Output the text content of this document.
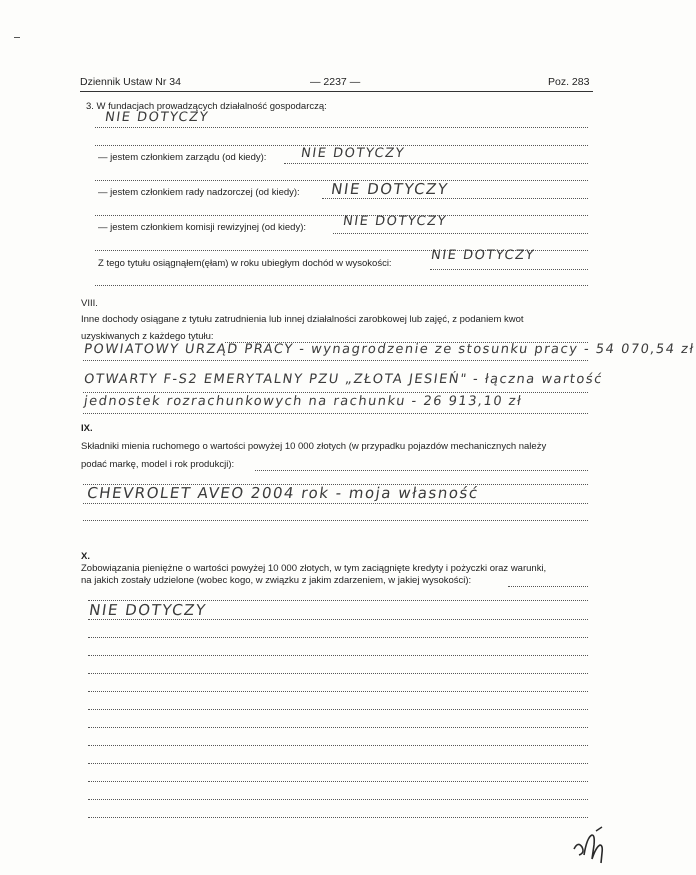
Dziennik Ustaw Nr 34	— 2237 —	Poz. 283
3. W fundacjach prowadzących działalność gospodarczą:
NIE DOTYCZY
— jestem członkiem zarządu (od kiedy):	NIE DOTYCZY
— jestem członkiem rady nadzorczej (od kiedy): NIE DOTYCZY
— jestem członkiem komisji rewizyjnej (od kiedy):	NIE DOTYCZY
Z tego tytułu osiągnąłem(ęłam) w roku ubiegłym dochód w wysokości:
NIE DOTYCZY
VIII.
Inne dochody osiągane z tytułu zatrudnienia lub innej działalności zarobkowej lub zajęć, z podaniem kwot
uzyskiwanych z każdego tytułu:
POWIATOWY URZĄD PRACY - wynagrodzenie ze stosunku pracy - 54 070,54 zł
OTWARTY F-S2 EMERYTALNY PZU „ZŁOTA JESIEŃ" - łączna wartość
jednostek rozrachunkowych na rachunku - 26 913,10 zł
IX.
Składniki mienia ruchomego o wartości powyżej 10 000 złotych (w przypadku pojazdów mechanicznych należy
podać markę, model i rok produkcji):
CHEVROLET AVEO 2004 rok - moja własność
X.
Zobowiązania pieniężne o wartości powyżej 10 000 złotych, w tym zaciągnięte kredyty i pożyczki oraz warunki,
na jakich zostały udzielone (wobec kogo, w związku z jakim zdarzeniem, w jakiej wysokości):
NIE DOTYCZY
